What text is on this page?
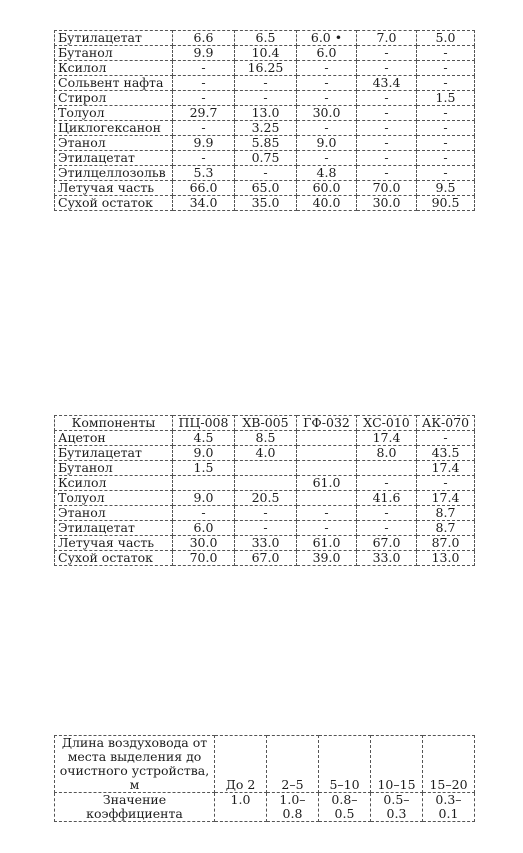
Бутилацетат	6.6	6.5	6.0 •	7.0	5.0
Бутанол	9.9	10.4	6.0	-	-
Ксилол	-	16.25	-	-	-
Сольвент нафта	-	-	-	43.4	-
Стирол	-	-	-	-	1.5
Толуол	29.7	13.0	30.0	-	-
Циклогексанон	-	3.25	-	-	-
Этанол	9.9	5.85	9.0	-	-
Этилацетат	-	0.75	-	-	-
Этилцеллозольв	5.3	-	4.8	-	-
Летучая часть	66.0	65.0	60.0	70.0	9.5
Сухой остаток	34.0	35.0	40.0	30.0	90.5
Компоненты	ПЦ-008	ХВ-005	ГФ-032	ХС-010	АК-070
Ацетон	4.5	8.5		17.4	-
Бутилацетат	9.0	4.0		8.0	43.5
Бутанол	1.5				17.4
Ксилол			61.0	-	-
Толуол	9.0	20.5		41.6	17.4
Этанол	-	-	-	-	8.7
Этилацетат	6.0	-	-	-	8.7
Летучая часть	30.0	33.0	61.0	67.0	87.0
Сухой остаток	70.0	67.0	39.0	33.0	13.0
Длина воздуховода от места выделения до очистного устройства, м	До 2	2–5	5–10	10–15	15–20
Значение коэффициента	1.0	1.0–0.8	0.8–0.5	0.5–0.3	0.3–0.1
